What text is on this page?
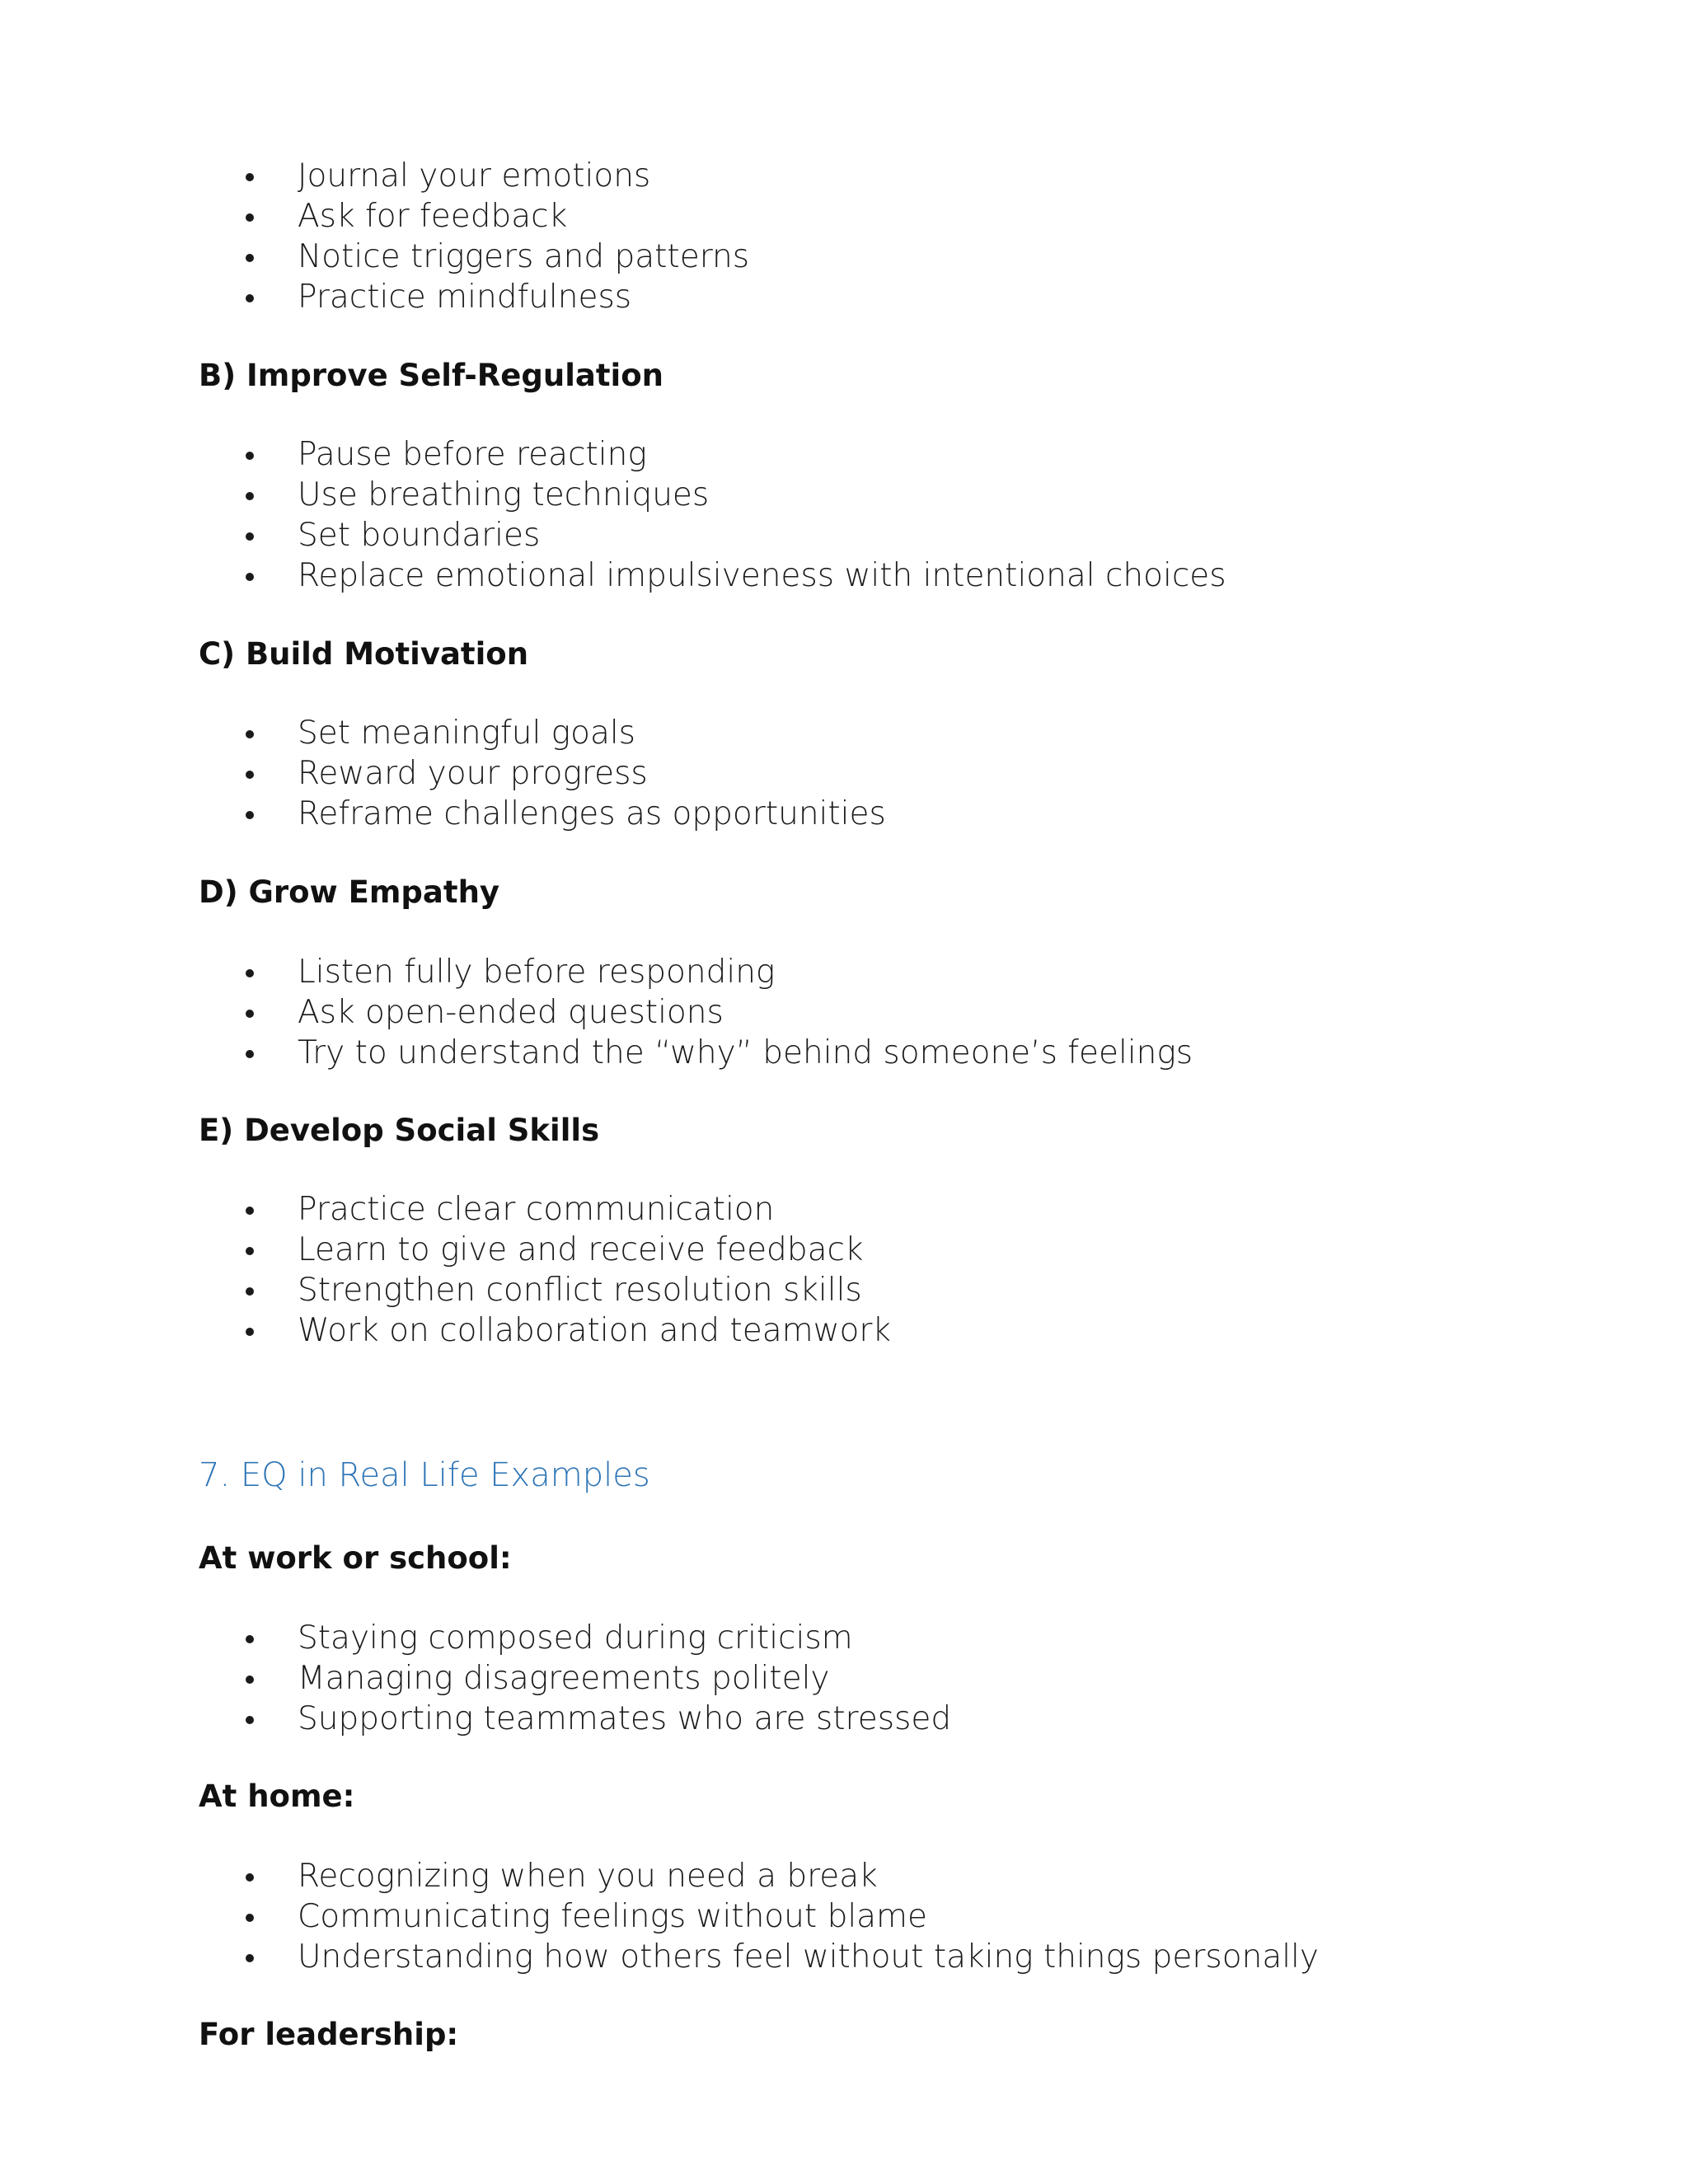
Journal your emotions
Ask for feedback
Notice triggers and patterns
Practice mindfulness
B) Improve Self-Regulation
Pause before reacting
Use breathing techniques
Set boundaries
Replace emotional impulsiveness with intentional choices
C) Build Motivation
Set meaningful goals
Reward your progress
Reframe challenges as opportunities
D) Grow Empathy
Listen fully before responding
Ask open-ended questions
Try to understand the “why” behind someone’s feelings
E) Develop Social Skills
Practice clear communication
Learn to give and receive feedback
Strengthen conflict resolution skills
Work on collaboration and teamwork
7. EQ in Real Life Examples
At work or school:
Staying composed during criticism
Managing disagreements politely
Supporting teammates who are stressed
At home:
Recognizing when you need a break
Communicating feelings without blame
Understanding how others feel without taking things personally
For leadership:
